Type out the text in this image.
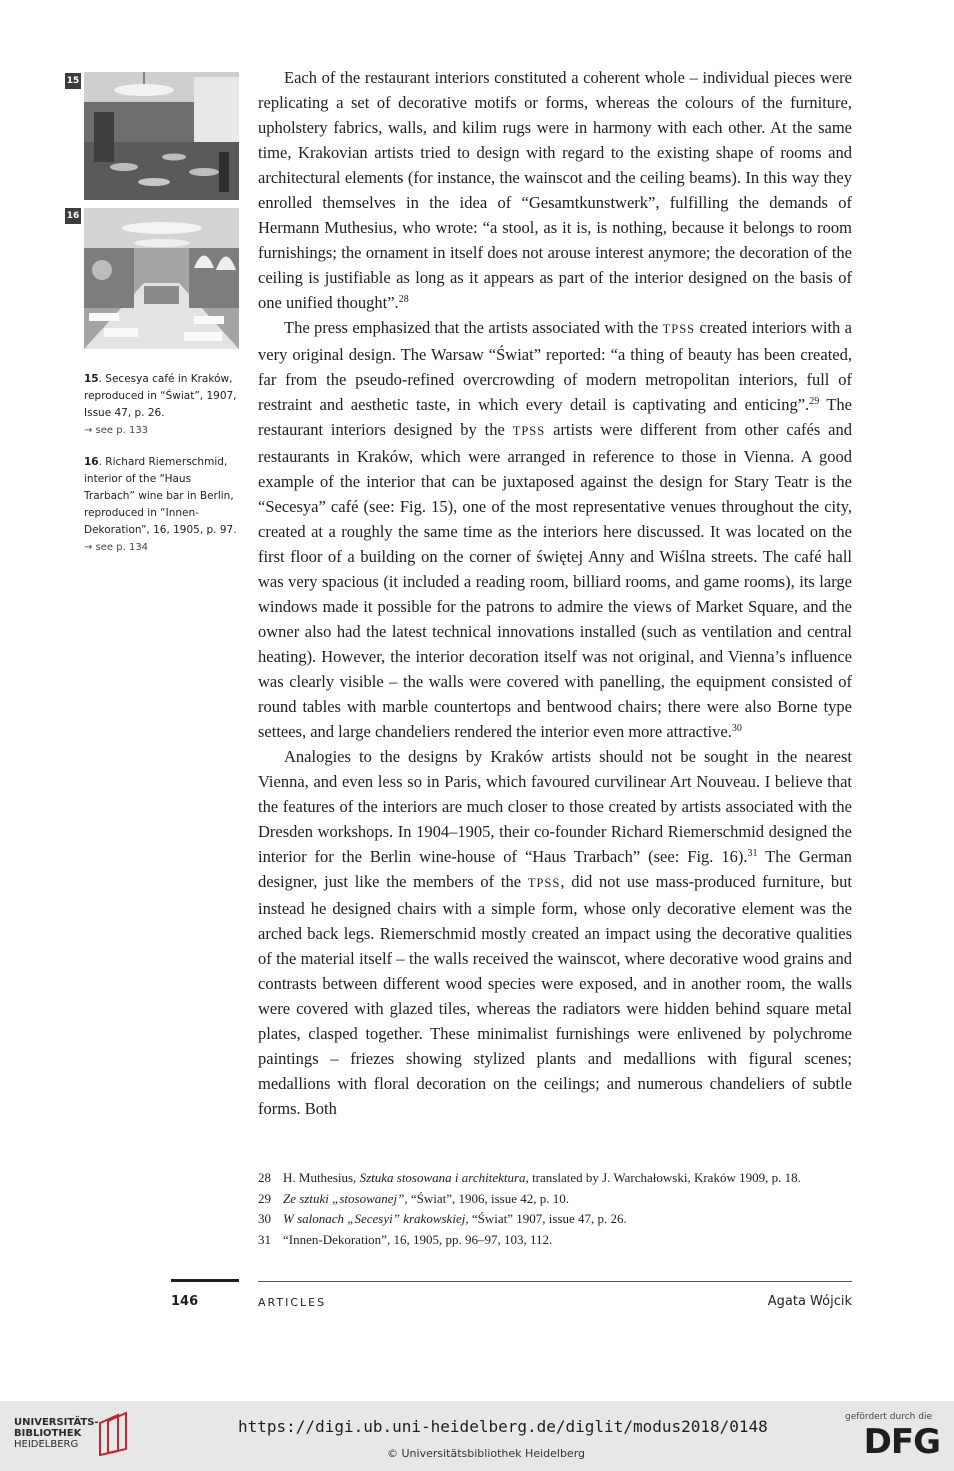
15
16
15. Secesya café in Kraków, reproduced in “Świat”, 1907, Issue 47, p. 26.
→ see p. 133
16. Richard Riemerschmid, interior of the “Haus Trarbach” wine bar in Berlin, reproduced in “Innen-Dekoration”, 16, 1905, p. 97.
→ see p. 134

Each of the restaurant interiors constituted a coherent whole – individual pieces were replicating a set of decorative motifs or forms, whereas the colours of the furniture, upholstery fabrics, walls, and kilim rugs were in harmony with each other. At the same time, Krakovian artists tried to design with regard to the existing shape of rooms and architectural elements (for instance, the wainscot and the ceiling beams). In this way they enrolled themselves in the idea of “Gesamtkunstwerk”, fulfilling the demands of Hermann Muthesius, who wrote: “a stool, as it is, is nothing, because it belongs to room furnishings; the ornament in itself does not arouse interest anymore; the decoration of the ceiling is justifiable as long as it appears as part of the interior designed on the basis of one unified thought”.$^{28}$

The press emphasized that the artists associated with the TPSS created interiors with a very original design. The Warsaw “Świat” reported: “a thing of beauty has been created, far from the pseudo-refined overcrowding of modern metropolitan interiors, full of restraint and aesthetic taste, in which every detail is captivating and enticing”.$^{29}$ The restaurant interiors designed by the TPSS artists were different from other cafés and restaurants in Kraków, which were arranged in reference to those in Vienna. A good example of the interior that can be juxtaposed against the design for Stary Teatr is the “Secesya” café (see: Fig. 15), one of the most representative venues throughout the city, created at a roughly the same time as the interiors here discussed. It was located on the first floor of a building on the corner of świętej Anny and Wiślna streets. The café hall was very spacious (it included a reading room, billiard rooms, and game rooms), its large windows made it possible for the patrons to admire the views of Market Square, and the owner also had the latest technical innovations installed (such as ventilation and central heating). However, the interior decoration itself was not original, and Vienna’s influence was clearly visible – the walls were covered with panelling, the equipment consisted of round tables with marble countertops and bentwood chairs; there were also Borne type settees, and large chandeliers rendered the interior even more attractive.$^{30}$

Analogies to the designs by Kraków artists should not be sought in the nearest Vienna, and even less so in Paris, which favoured curvilinear Art Nouveau. I believe that the features of the interiors are much closer to those created by artists associated with the Dresden workshops. In 1904–1905, their co-founder Richard Riemerschmid designed the interior for the Berlin wine-house of “Haus Trarbach” (see: Fig. 16).$^{31}$ The German designer, just like the members of the TPSS, did not use mass-produced furniture, but instead he designed chairs with a simple form, whose only decorative element was the arched back legs. Riemerschmid mostly created an impact using the decorative qualities of the material itself – the walls received the wainscot, where decorative wood grains and contrasts between different wood species were exposed, and in another room, the walls were covered with glazed tiles, whereas the radiators were hidden behind square metal plates, clasped together. These minimalist furnishings were enlivened by polychrome paintings – friezes showing stylized plants and medallions with figural scenes; medallions with floral decoration on the ceilings; and numerous chandeliers of subtle forms. Both

28 H. Muthesius, Sztuka stosowana i architektura, translated by J. Warchałowski, Kraków 1909, p. 18.
29 Ze sztuki „stosowanej”, “Świat”, 1906, issue 42, p. 10.
30 W salonach „Secesyi” krakowskiej, “Świat” 1907, issue 47, p. 26.
31 “Innen-Dekoration”, 16, 1905, pp. 96–97, 103, 112.
146	ARTICLES	Agata Wójcik
UNIVERSITÄTS-
BIBLIOTHEK
HEIDELBERG
https://digi.ub.uni-heidelberg.de/diglit/modus2018/0148
© Universitätsbibliothek Heidelberg
gefördert durch die
DFG
